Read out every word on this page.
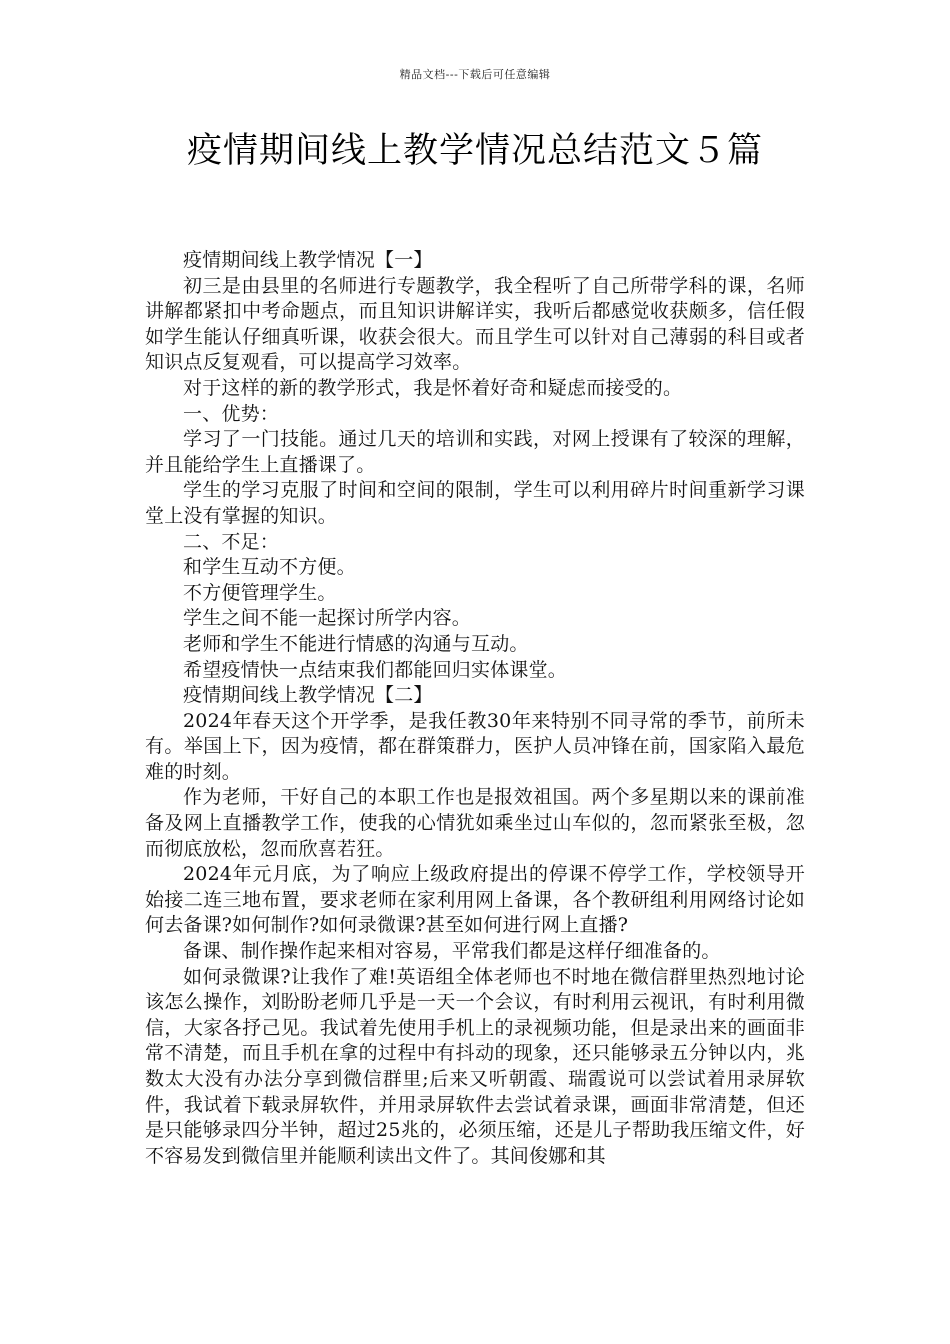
精品文档---下载后可任意编辑
疫情期间线上教学情况总结范文５篇

疫情期间线上教学情况【一】

初三是由县里的名师进行专题教学，我全程听了自己所带学科的课，名师讲解都紧扣中考命题点，而且知识讲解详实，我听后都感觉收获颇多，信任假如学生能认仔细真听课，收获会很大。而且学生可以针对自己薄弱的科目或者知识点反复观看，可以提高学习效率。

对于这样的新的教学形式，我是怀着好奇和疑虑而接受的。

一、优势：

学习了一门技能。通过几天的培训和实践，对网上授课有了较深的理解，并且能给学生上直播课了。

学生的学习克服了时间和空间的限制，学生可以利用碎片时间重新学习课堂上没有掌握的知识。

二、不足：

和学生互动不方便。

不方便管理学生。

学生之间不能一起探讨所学内容。

老师和学生不能进行情感的沟通与互动。

希望疫情快一点结束我们都能回归实体课堂。

疫情期间线上教学情况【二】

2024年春天这个开学季，是我任教30年来特别不同寻常的季节，前所未有。举国上下，因为疫情，都在群策群力，医护人员冲锋在前，国家陷入最危难的时刻。

作为老师，干好自己的本职工作也是报效祖国。两个多星期以来的课前准备及网上直播教学工作，使我的心情犹如乘坐过山车似的，忽而紧张至极，忽而彻底放松，忽而欣喜若狂。

2024年元月底，为了响应上级政府提出的停课不停学工作，学校领导开始接二连三地布置，要求老师在家利用网上备课，各个教研组利用网络讨论如何去备课?如何制作?如何录微课?甚至如何进行网上直播?

备课、制作操作起来相对容易，平常我们都是这样仔细准备的。

如何录微课?让我作了难!英语组全体老师也不时地在微信群里热烈地讨论该怎么操作，刘盼盼老师几乎是一天一个会议，有时利用云视讯，有时利用微信，大家各抒己见。我试着先使用手机上的录视频功能，但是录出来的画面非常不清楚，而且手机在拿的过程中有抖动的现象，还只能够录五分钟以内，兆数太大没有办法分享到微信群里;后来又听朝霞、瑞霞说可以尝试着用录屏软件，我试着下载录屏软件，并用录屏软件去尝试着录课，画面非常清楚，但还是只能够录四分半钟，超过25兆的，必须压缩，还是儿子帮助我压缩文件，好不容易发到微信里并能顺利读出文件了。其间俊娜和其
